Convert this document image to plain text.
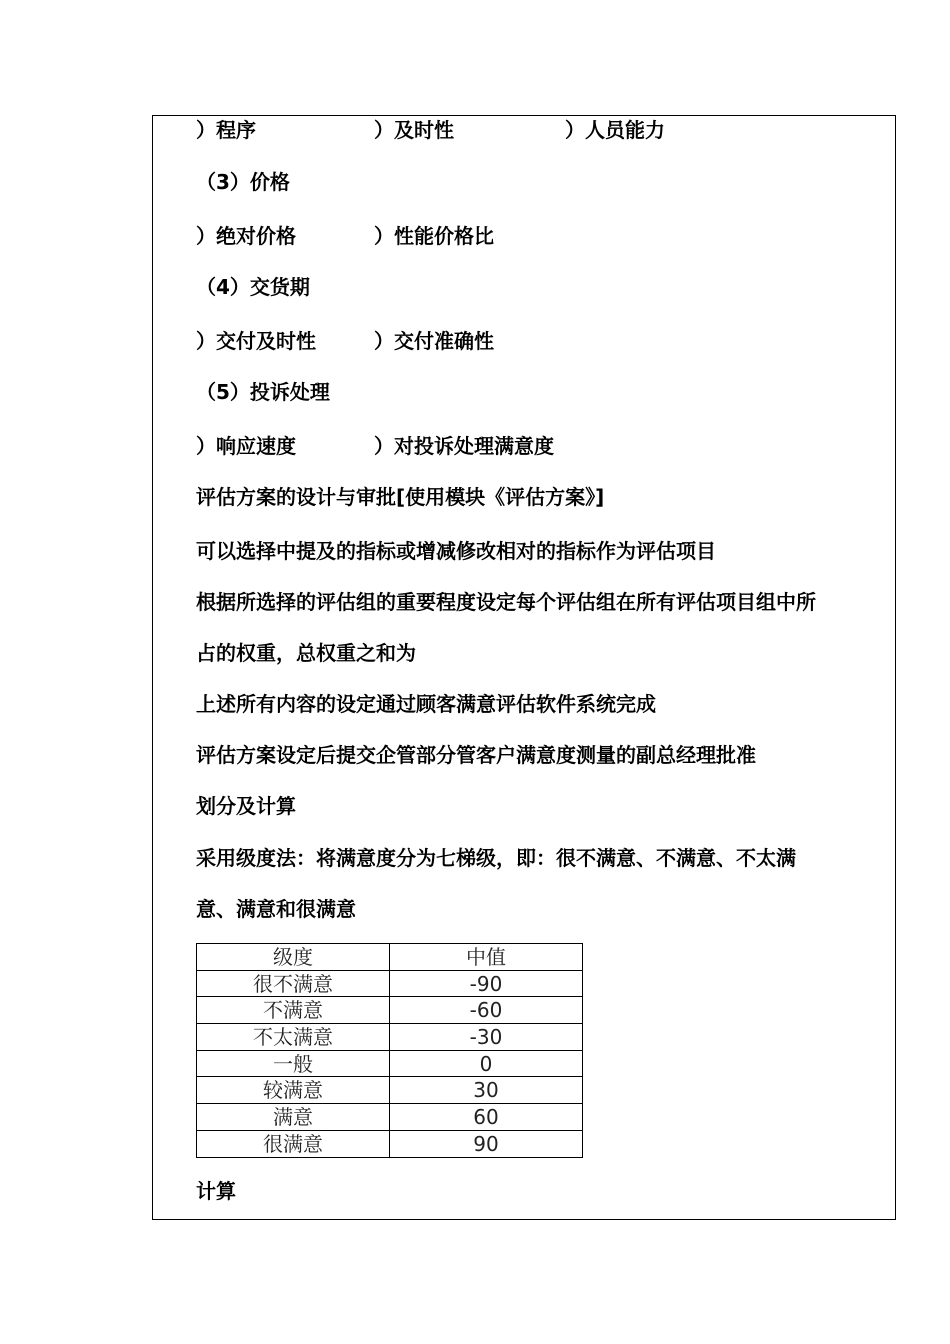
）程序	）及时性	）人员能力
（3）价格
）绝对价格	）性能价格比
（4）交货期
）交付及时性	）交付准确性
（5）投诉处理
）响应速度	）对投诉处理满意度
评估方案的设计与审批[使用模块《评估方案》]
可以选择中提及的指标或增减修改相对的指标作为评估项目
根据所选择的评估组的重要程度设定每个评估组在所有评估项目组中所
占的权重，总权重之和为
上述所有内容的设定通过顾客满意评估软件系统完成
评估方案设定后提交企管部分管客户满意度测量的副总经理批准
划分及计算
采用级度法：将满意度分为七梯级，即：很不满意、不满意、不太满
意、满意和很满意
级度	中值
很不满意	-90
不满意	-60
不太满意	-30
一般	0
较满意	30
满意	60
很满意	90
计算
